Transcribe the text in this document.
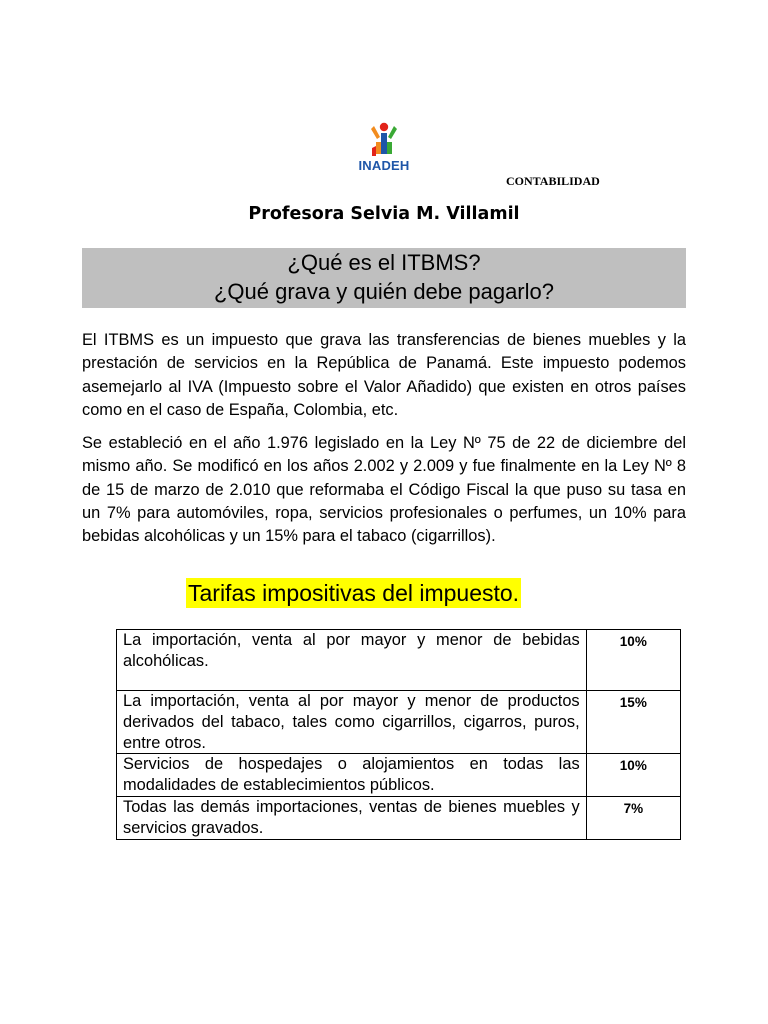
INADEH
CONTABILIDAD
Profesora Selvia M. Villamil
¿Qué es el ITBMS?
¿Qué grava y quién debe pagarlo?
El ITBMS es un impuesto que grava las transferencias de bienes muebles y la prestación de servicios en la República de Panamá. Este impuesto podemos asemejarlo al IVA (Impuesto sobre el Valor Añadido) que existen en otros países como en el caso de España, Colombia, etc.
Se estableció en el año 1.976 legislado en la Ley Nº 75 de 22 de diciembre del mismo año. Se modificó en los años 2.002 y 2.009 y fue finalmente en la Ley Nº 8 de 15 de marzo de 2.010 que reformaba el Código Fiscal la que puso su tasa en un 7% para automóviles, ropa, servicios profesionales o perfumes, un 10% para bebidas alcohólicas y un 15% para el tabaco (cigarrillos).
Tarifas impositivas del impuesto.
La importación, venta al por mayor y menor de bebidas alcohólicas.	10%
La importación, venta al por mayor y menor de productos derivados del tabaco, tales como cigarrillos, cigarros, puros, entre otros.	15%
Servicios de hospedajes o alojamientos en todas las modalidades de establecimientos públicos.	10%
Todas las demás importaciones, ventas de bienes muebles y servicios gravados.	7%
